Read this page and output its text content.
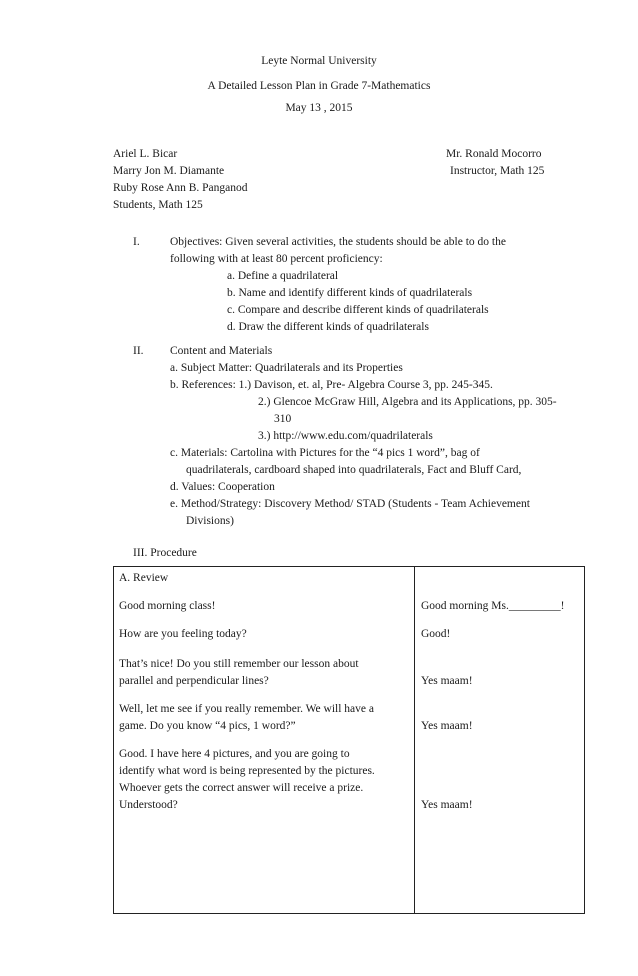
Leyte Normal University
A Detailed Lesson Plan in Grade 7-Mathematics
May 13 , 2015
Ariel L. Bicar
Marry Jon M. Diamante
Ruby Rose Ann B. Panganod
Students, Math 125
Mr. Ronald Mocorro
Instructor, Math 125
I.	Objectives: Given several activities, the students should be able to do the
following with at least 80 percent proficiency:
a. Define a quadrilateral
b. Name and identify different kinds of quadrilaterals
c. Compare and describe different kinds of quadrilaterals
d. Draw the different kinds of quadrilaterals
II. Content and Materials
a. Subject Matter: Quadrilaterals and its Properties
b. References: 1.) Davison, et. al, Pre- Algebra Course 3, pp. 245-345.
2.) Glencoe McGraw Hill, Algebra and its Applications, pp. 305-
310
3.) http://www.edu.com/quadrilaterals
c. Materials: Cartolina with Pictures for the “4 pics 1 word”, bag of
quadrilaterals, cardboard shaped into quadrilaterals, Fact and Bluff Card,
d. Values: Cooperation
e. Method/Strategy: Discovery Method/ STAD (Students - Team Achievement
Divisions)
III. Procedure
A. Review
Good morning class!
How are you feeling today?
That’s nice! Do you still remember our lesson about
parallel and perpendicular lines?
Well, let me see if you really remember. We will have a
game. Do you know “4 pics, 1 word?”
Good. I have here 4 pictures, and you are going to
identify what word is being represented by the pictures.
Whoever gets the correct answer will receive a prize.
Understood?
Good morning Ms._________!
Good!
Yes maam!
Yes maam!
Yes maam!
